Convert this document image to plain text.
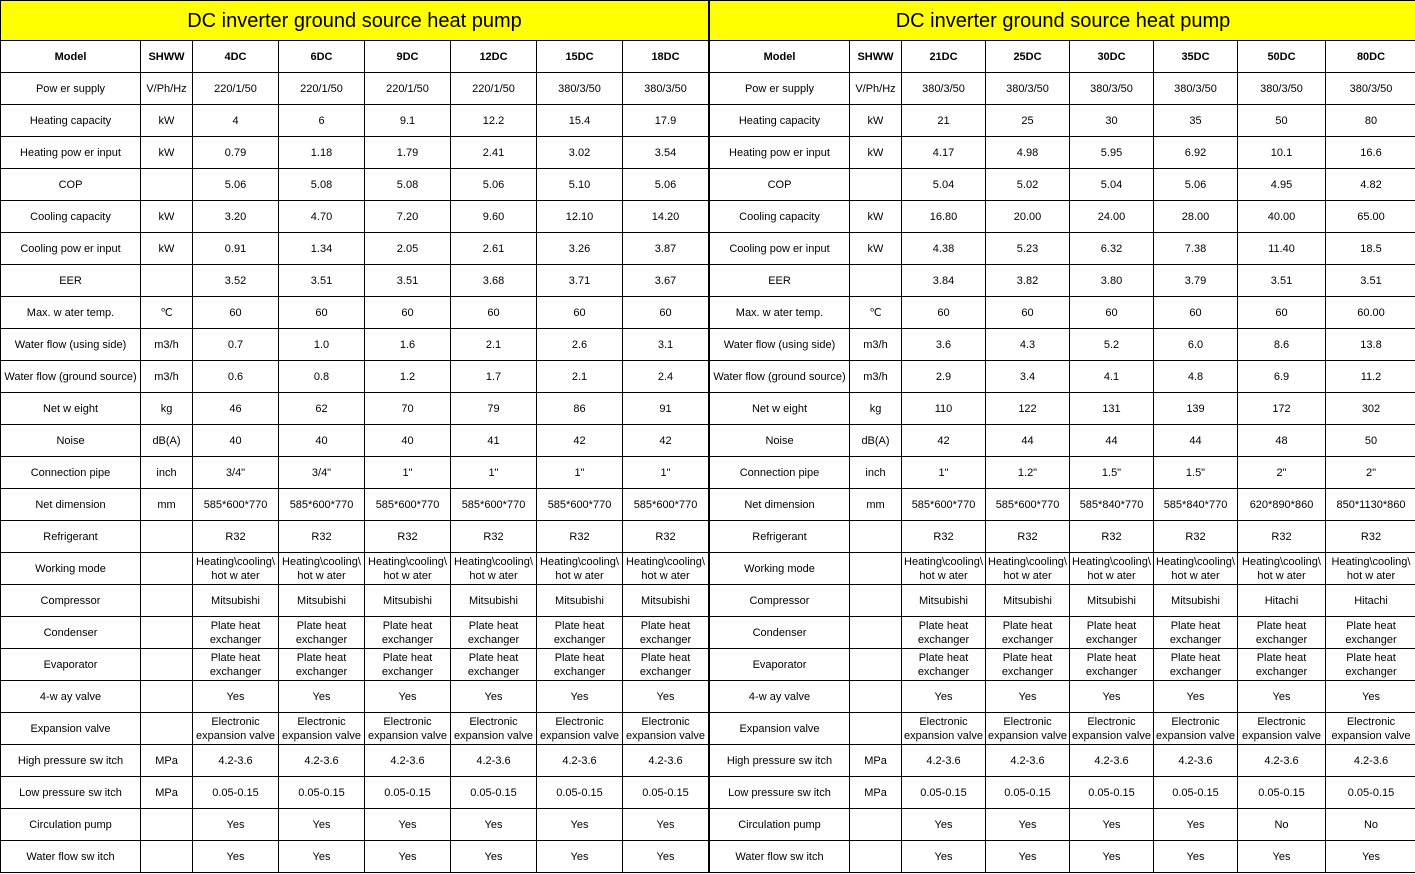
DC inverter ground source heat pump							
Model	SHWW	4DC	6DC	9DC	12DC	15DC	18DC
Pow er supply	V/Ph/Hz	220/1/50	220/1/50	220/1/50	220/1/50	380/3/50	380/3/50
Heating capacity	kW	4	6	9.1	12.2	15.4	17.9
Heating pow er input	kW	0.79	1.18	1.79	2.41	3.02	3.54
COP		5.06	5.08	5.08	5.06	5.10	5.06
Cooling capacity	kW	3.20	4.70	7.20	9.60	12.10	14.20
Cooling pow er input	kW	0.91	1.34	2.05	2.61	3.26	3.87
EER		3.52	3.51	3.51	3.68	3.71	3.67
Max. w ater temp.	℃	60	60	60	60	60	60
Water flow (using side)	m3/h	0.7	1.0	1.6	2.1	2.6	3.1
Water flow (ground source)	m3/h	0.6	0.8	1.2	1.7	2.1	2.4
Net w eight	kg	46	62	70	79	86	91
Noise	dB(A)	40	40	40	41	42	42
Connection pipe	inch	3/4"	3/4"	1"	1"	1"	1"
Net dimension	mm	585*600*770	585*600*770	585*600*770	585*600*770	585*600*770	585*600*770
Refrigerant		R32	R32	R32	R32	R32	R32
Working mode		Heating\cooling\ hot w ater	Heating\cooling\ hot w ater	Heating\cooling\ hot w ater	Heating\cooling\ hot w ater	Heating\cooling\ hot w ater	Heating\cooling\ hot w ater
Compressor		Mitsubishi	Mitsubishi	Mitsubishi	Mitsubishi	Mitsubishi	Mitsubishi
Condenser		Plate heat exchanger	Plate heat exchanger	Plate heat exchanger	Plate heat exchanger	Plate heat exchanger	Plate heat exchanger
Evaporator		Plate heat exchanger	Plate heat exchanger	Plate heat exchanger	Plate heat exchanger	Plate heat exchanger	Plate heat exchanger
4-w ay valve		Yes	Yes	Yes	Yes	Yes	Yes
Expansion valve		Electronic expansion valve	Electronic expansion valve	Electronic expansion valve	Electronic expansion valve	Electronic expansion valve	Electronic expansion valve
High pressure sw itch	MPa	4.2-3.6	4.2-3.6	4.2-3.6	4.2-3.6	4.2-3.6	4.2-3.6
Low pressure sw itch	MPa	0.05-0.15	0.05-0.15	0.05-0.15	0.05-0.15	0.05-0.15	0.05-0.15
Circulation pump		Yes	Yes	Yes	Yes	Yes	Yes
Water flow sw itch		Yes	Yes	Yes	Yes	Yes	Yes
DC inverter ground source heat pump							
Model	SHWW	21DC	25DC	30DC	35DC	50DC	80DC
Pow er supply	V/Ph/Hz	380/3/50	380/3/50	380/3/50	380/3/50	380/3/50	380/3/50
Heating capacity	kW	21	25	30	35	50	80
Heating pow er input	kW	4.17	4.98	5.95	6.92	10.1	16.6
COP		5.04	5.02	5.04	5.06	4.95	4.82
Cooling capacity	kW	16.80	20.00	24.00	28.00	40.00	65.00
Cooling pow er input	kW	4.38	5.23	6.32	7.38	11.40	18.5
EER		3.84	3.82	3.80	3.79	3.51	3.51
Max. w ater temp.	℃	60	60	60	60	60	60.00
Water flow (using side)	m3/h	3.6	4.3	5.2	6.0	8.6	13.8
Water flow (ground source)	m3/h	2.9	3.4	4.1	4.8	6.9	11.2
Net w eight	kg	110	122	131	139	172	302
Noise	dB(A)	42	44	44	44	48	50
Connection pipe	inch	1"	1.2"	1.5"	1.5"	2"	2"
Net dimension	mm	585*600*770	585*600*770	585*840*770	585*840*770	620*890*860	850*1130*860
Refrigerant		R32	R32	R32	R32	R32	R32
Working mode		Heating\cooling\ hot w ater	Heating\cooling\ hot w ater	Heating\cooling\ hot w ater	Heating\cooling\ hot w ater	Heating\cooling\ hot w ater	Heating\cooling\ hot w ater
Compressor		Mitsubishi	Mitsubishi	Mitsubishi	Mitsubishi	Hitachi	Hitachi
Condenser		Plate heat exchanger	Plate heat exchanger	Plate heat exchanger	Plate heat exchanger	Plate heat exchanger	Plate heat exchanger
Evaporator		Plate heat exchanger	Plate heat exchanger	Plate heat exchanger	Plate heat exchanger	Plate heat exchanger	Plate heat exchanger
4-w ay valve		Yes	Yes	Yes	Yes	Yes	Yes
Expansion valve		Electronic expansion valve	Electronic expansion valve	Electronic expansion valve	Electronic expansion valve	Electronic expansion valve	Electronic expansion valve
High pressure sw itch	MPa	4.2-3.6	4.2-3.6	4.2-3.6	4.2-3.6	4.2-3.6	4.2-3.6
Low pressure sw itch	MPa	0.05-0.15	0.05-0.15	0.05-0.15	0.05-0.15	0.05-0.15	0.05-0.15
Circulation pump		Yes	Yes	Yes	Yes	No	No
Water flow sw itch		Yes	Yes	Yes	Yes	Yes	Yes
